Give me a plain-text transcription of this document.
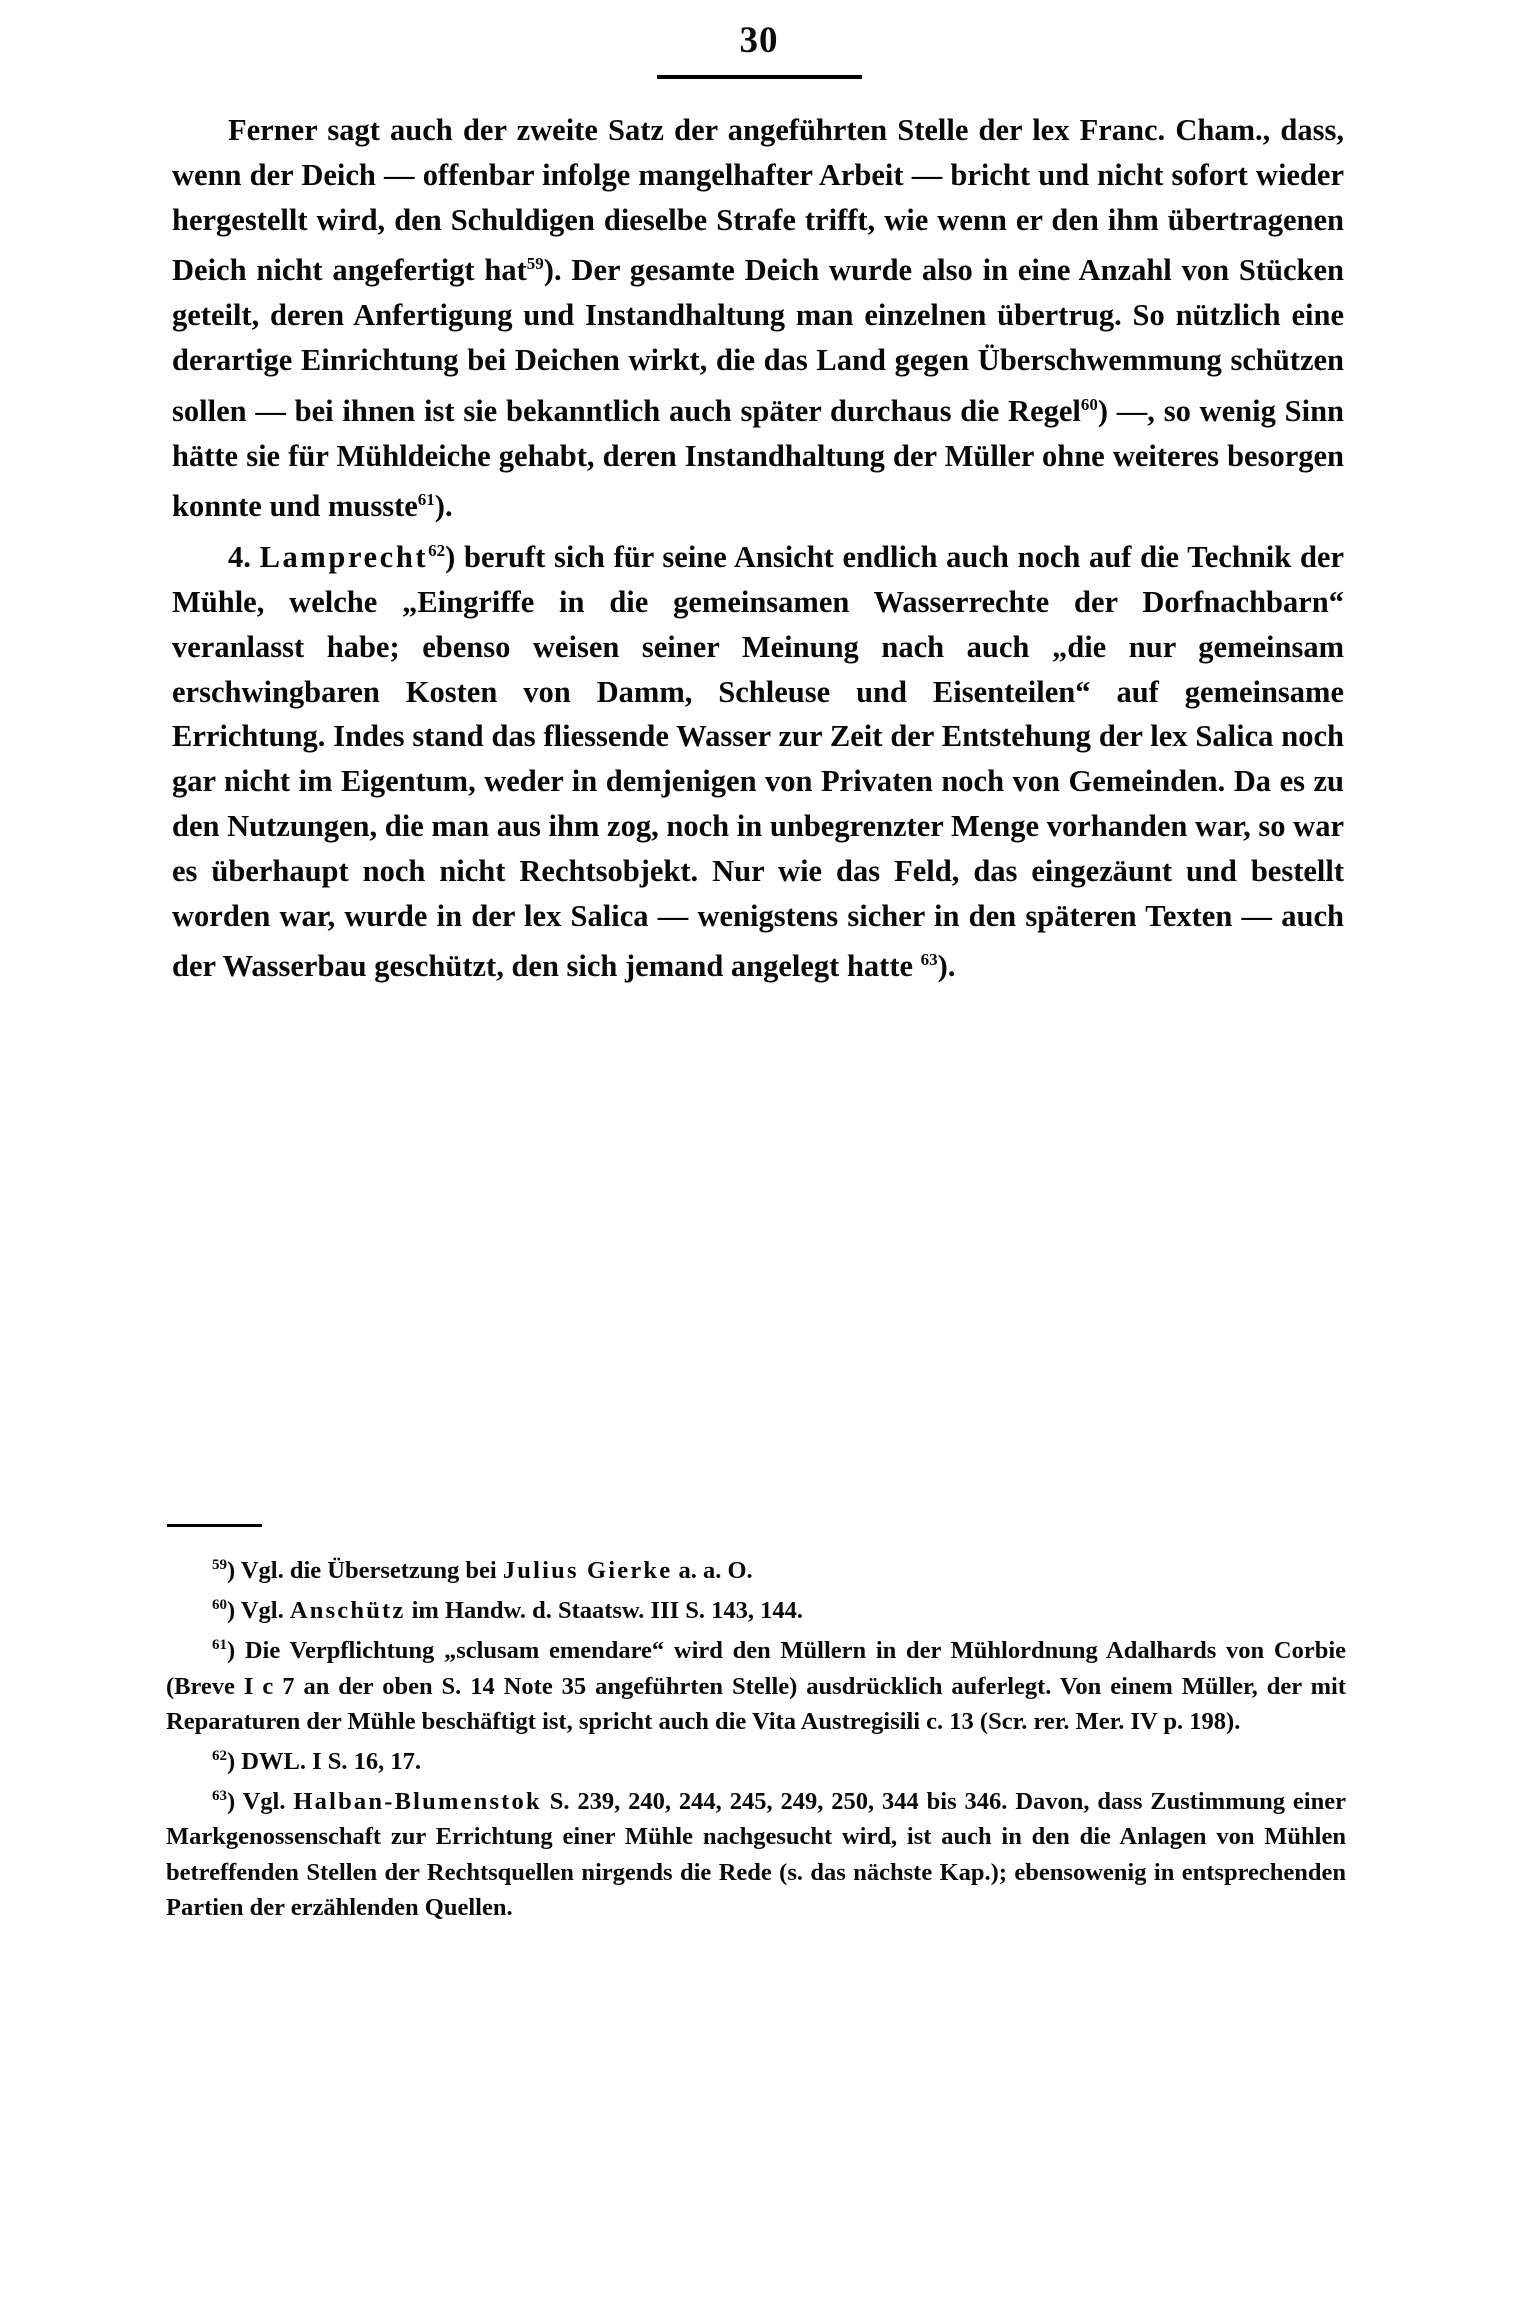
30

Ferner sagt auch der zweite Satz der angeführten Stelle der lex Franc. Cham., dass, wenn der Deich — offenbar infolge mangelhafter Arbeit — bricht und nicht sofort wieder hergestellt wird, den Schuldigen dieselbe Strafe trifft, wie wenn er den ihm übertragenen Deich nicht angefertigt hat$^{59}$). Der gesamte Deich wurde also in eine Anzahl von Stücken geteilt, deren Anfertigung und Instandhaltung man einzelnen übertrug. So nützlich eine derartige Einrichtung bei Deichen wirkt, die das Land gegen Überschwemmung schützen sollen — bei ihnen ist sie bekanntlich auch später durchaus die Regel$^{60}$) —, so wenig Sinn hätte sie für Mühldeiche gehabt, deren Instandhaltung der Müller ohne weiteres besorgen konnte und musste$^{61}$).

4. Lamprecht$^{62}$) beruft sich für seine Ansicht endlich auch noch auf die Technik der Mühle, welche „Eingriffe in die gemeinsamen Wasserrechte der Dorfnachbarn“ veranlasst habe; ebenso weisen seiner Meinung nach auch „die nur gemeinsam erschwingbaren Kosten von Damm, Schleuse und Eisenteilen“ auf gemeinsame Errichtung. Indes stand das fliessende Wasser zur Zeit der Entstehung der lex Salica noch gar nicht im Eigentum, weder in demjenigen von Privaten noch von Gemeinden. Da es zu den Nutzungen, die man aus ihm zog, noch in unbegrenzter Menge vorhanden war, so war es überhaupt noch nicht Rechtsobjekt. Nur wie das Feld, das eingezäunt und bestellt worden war, wurde in der lex Salica — wenigstens sicher in den späteren Texten — auch der Wasserbau geschützt, den sich jemand angelegt hatte $^{63}$).

$^{59}$) Vgl. die Übersetzung bei Julius Gierke a. a. O.

$^{60}$) Vgl. Anschütz im Handw. d. Staatsw. III S. 143, 144.

$^{61}$) Die Verpflichtung „sclusam emendare“ wird den Müllern in der Mühlordnung Adalhards von Corbie (Breve I c 7 an der oben S. 14 Note 35 angeführten Stelle) ausdrücklich auferlegt. Von einem Müller, der mit Reparaturen der Mühle beschäftigt ist, spricht auch die Vita Austregisili c. 13 (Scr. rer. Mer. IV p. 198).

$^{62}$) DWL. I S. 16, 17.

$^{63}$) Vgl. Halban-Blumenstok S. 239, 240, 244, 245, 249, 250, 344 bis 346. Davon, dass Zustimmung einer Markgenossenschaft zur Errichtung einer Mühle nachgesucht wird, ist auch in den die Anlagen von Mühlen betreffenden Stellen der Rechtsquellen nirgends die Rede (s. das nächste Kap.); ebensowenig in entsprechenden Partien der erzählenden Quellen.
